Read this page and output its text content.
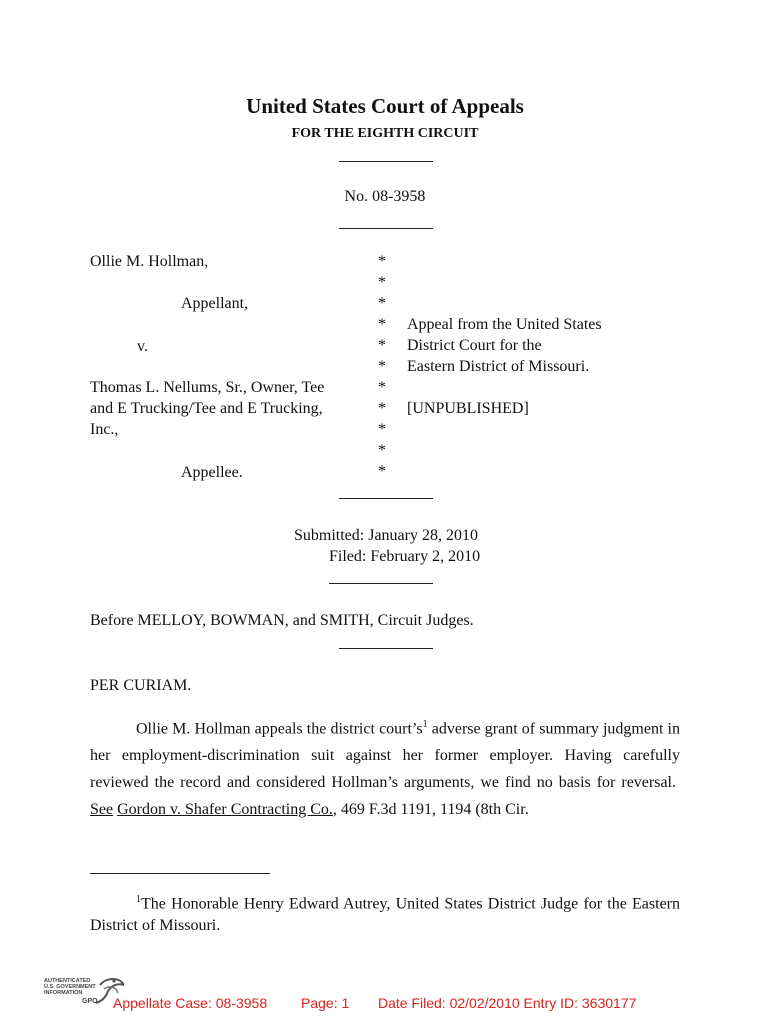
United States Court of Appeals
FOR THE EIGHTH CIRCUIT
No. 08-3958
Ollie M. Hollman,
Appellant,
v.
Thomas L. Nellums, Sr., Owner, Tee
and E Trucking/Tee and E Trucking,
Inc.,
Appellee.
*
*
*
*
*
*
*
*
*
*
*
Appeal from the United States
District Court for the
Eastern District of Missouri.
[UNPUBLISHED]
Submitted: January 28, 2010
Filed: February 2, 2010
Before MELLOY, BOWMAN, and SMITH, Circuit Judges.
PER CURIAM.
Ollie M. Hollman appeals the district $court’s^1$ adverse grant of summary judgment in her employment-discrimination suit against her former employer. Having carefully reviewed the record and considered Hollman’s arguments, we find no basis for reversal.  See Gordon v. Shafer Contracting Co., 469 F.3d 1191, 1194 (8th Cir.
$^1$The Honorable Henry Edward Autrey, United States District Judge for the Eastern District of Missouri.
AUTHENTICATED
U.S. GOVERNMENT
INFORMATION
GPO Appellate Case: 08-3958 Page: 1 Date Filed: 02/02/2010 Entry ID: 3630177
